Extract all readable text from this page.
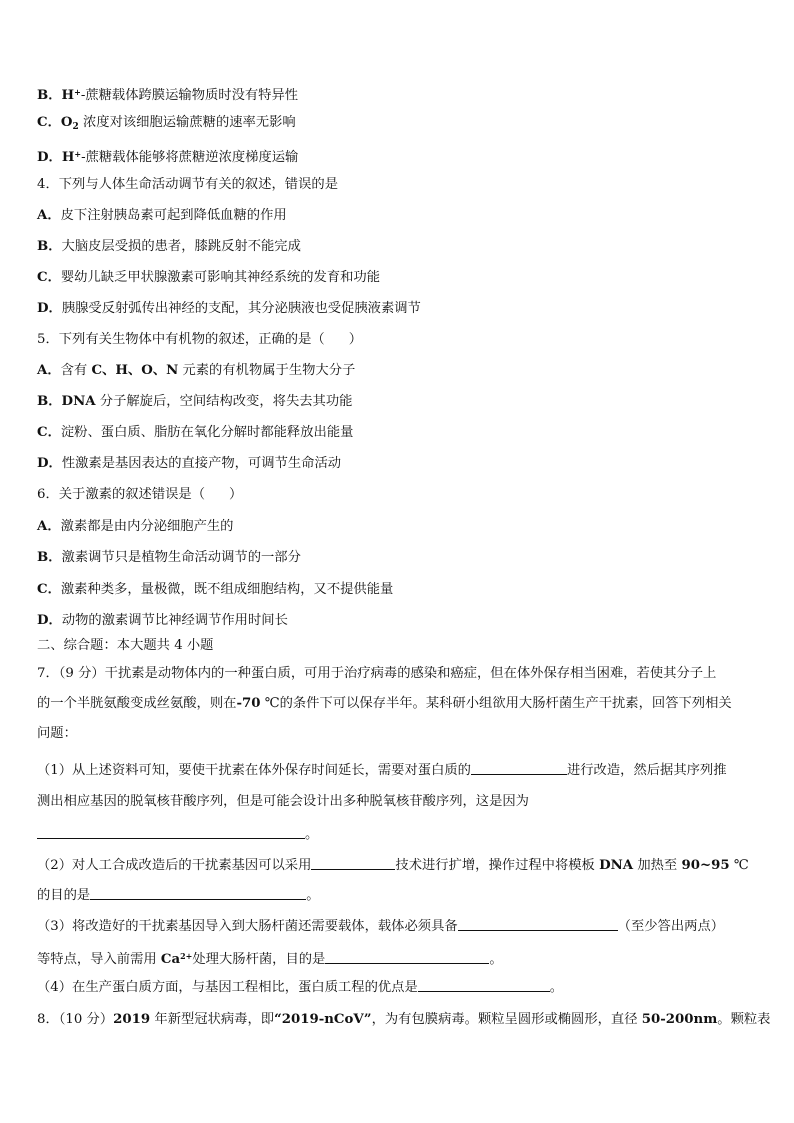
B．H+-蔗糖载体跨膜运输物质时没有特异性
C．$O_2$ 浓度对该细胞运输蔗糖的速率无影响
D．H+-蔗糖载体能够将蔗糖逆浓度梯度运输
4．下列与人体生命活动调节有关的叙述，错误的是
A．皮下注射胰岛素可起到降低血糖的作用
B．大脑皮层受损的患者，膝跳反射不能完成
C．婴幼儿缺乏甲状腺激素可影响其神经系统的发育和功能
D．胰腺受反射弧传出神经的支配，其分泌胰液也受促胰液素调节
5．下列有关生物体中有机物的叙述，正确的是（ ）
A．含有 C、H、O、N 元素的有机物属于生物大分子
B．DNA 分子解旋后，空间结构改变，将失去其功能
C．淀粉、蛋白质、脂肪在氧化分解时都能释放出能量
D．性激素是基因表达的直接产物，可调节生命活动
6．关于激素的叙述错误是（ ）
A．激素都是由内分泌细胞产生的
B．激素调节只是植物生命活动调节的一部分
C．激素种类多，量极微，既不组成细胞结构，又不提供能量
D．动物的激素调节比神经调节作用时间长
二、综合题：本大题共 4 小题
7．（9 分）干扰素是动物体内的一种蛋白质，可用于治疗病毒的感染和癌症，但在体外保存相当困难，若使其分子上
的一个半胱氨酸变成丝氨酸，则在-70 ℃的条件下可以保存半年。某科研小组欲用大肠杆菌生产干扰素，回答下列相关
问题：
（1）从上述资料可知，要使干扰素在体外保存时间延长，需要对蛋白质的	进行改造，然后据其序列推
测出相应基因的脱氧核苷酸序列，但是可能会设计出多种脱氧核苷酸序列，这是因为
。
（2）对人工合成改造后的干扰素基因可以采用	技术进行扩增，操作过程中将模板 DNA 加热至 90~95 ℃
的目的是	。
（3）将改造好的干扰素基因导入到大肠杆菌还需要载体，载体必须具备	（至少答出两点）
等特点，导入前需用 $Ca^{2+}$处理大肠杆菌，目的是	。
（4）在生产蛋白质方面，与基因工程相比，蛋白质工程的优点是	。
8．（10 分）2019 年新型冠状病毒，即“2019-nCoV”，为有包膜病毒。颗粒呈圆形或椭圆形，直径 50-200nm。颗粒表
